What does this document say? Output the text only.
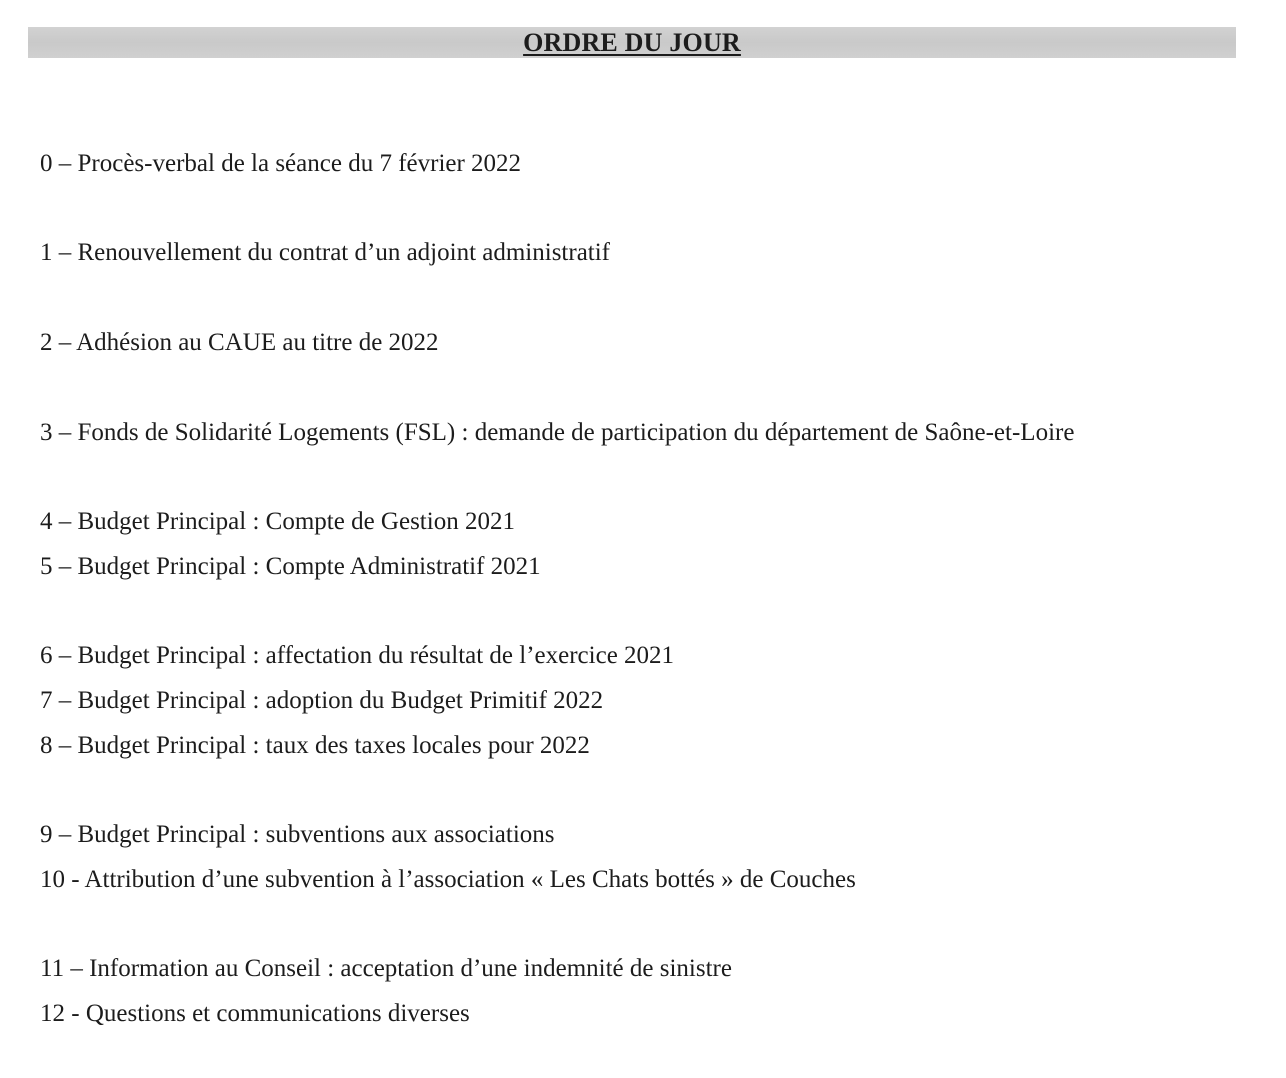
ORDRE DU JOUR
0 – Procès-verbal de la séance du 7 février 2022
1 – Renouvellement du contrat d’un adjoint administratif
2 – Adhésion au CAUE au titre de 2022
3 – Fonds de Solidarité Logements (FSL) : demande de participation du département de Saône-et-Loire
4 – Budget Principal : Compte de Gestion 2021
5 – Budget Principal : Compte Administratif 2021
6 – Budget Principal : affectation du résultat de l’exercice 2021
7 – Budget Principal : adoption du Budget Primitif 2022
8 – Budget Principal : taux des taxes locales pour 2022
9 – Budget Principal : subventions aux associations
10 - Attribution d’une subvention à l’association « Les Chats bottés » de Couches
11 – Information au Conseil : acceptation d’une indemnité de sinistre
12 - Questions et communications diverses
